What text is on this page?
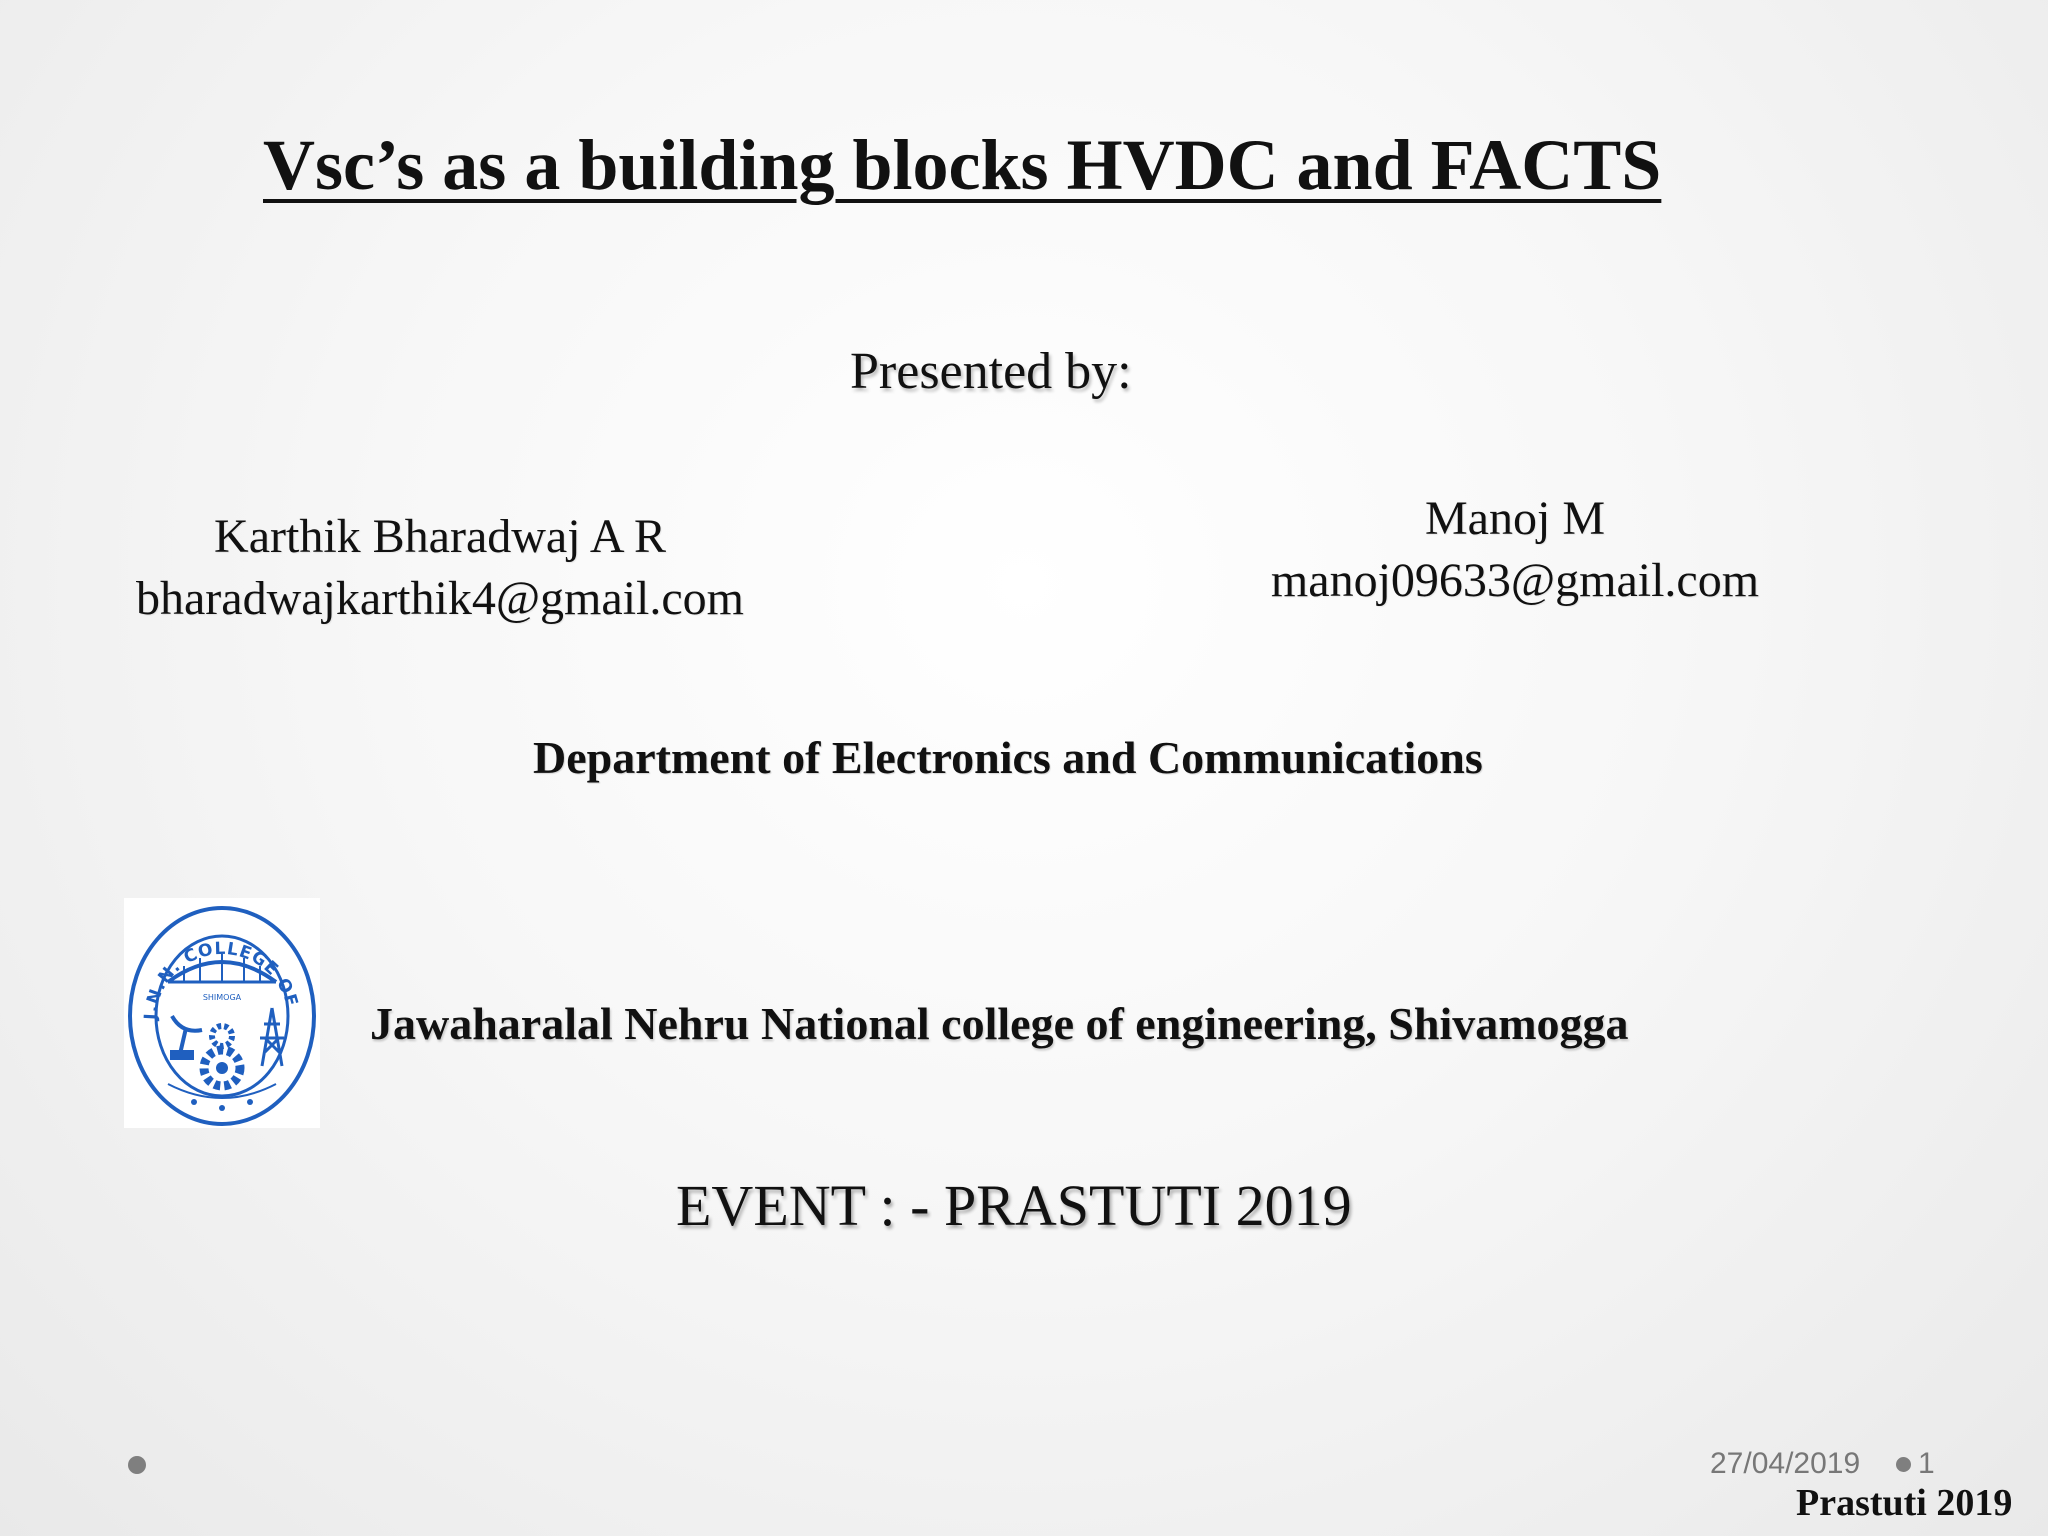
Vsc’s as a building blocks HVDC and FACTS
Presented by:
Karthik Bharadwaj A R
bharadwajkarthik4@gmail.com
Manoj M
manoj09633@gmail.com
Department of Electronics and Communications
J.N.N. COLLEGE OF
SHIMOGA
Jawaharalal Nehru National college of engineering, Shivamogga
EVENT : - PRASTUTI 2019
27/04/2019 1
Prastuti 2019
